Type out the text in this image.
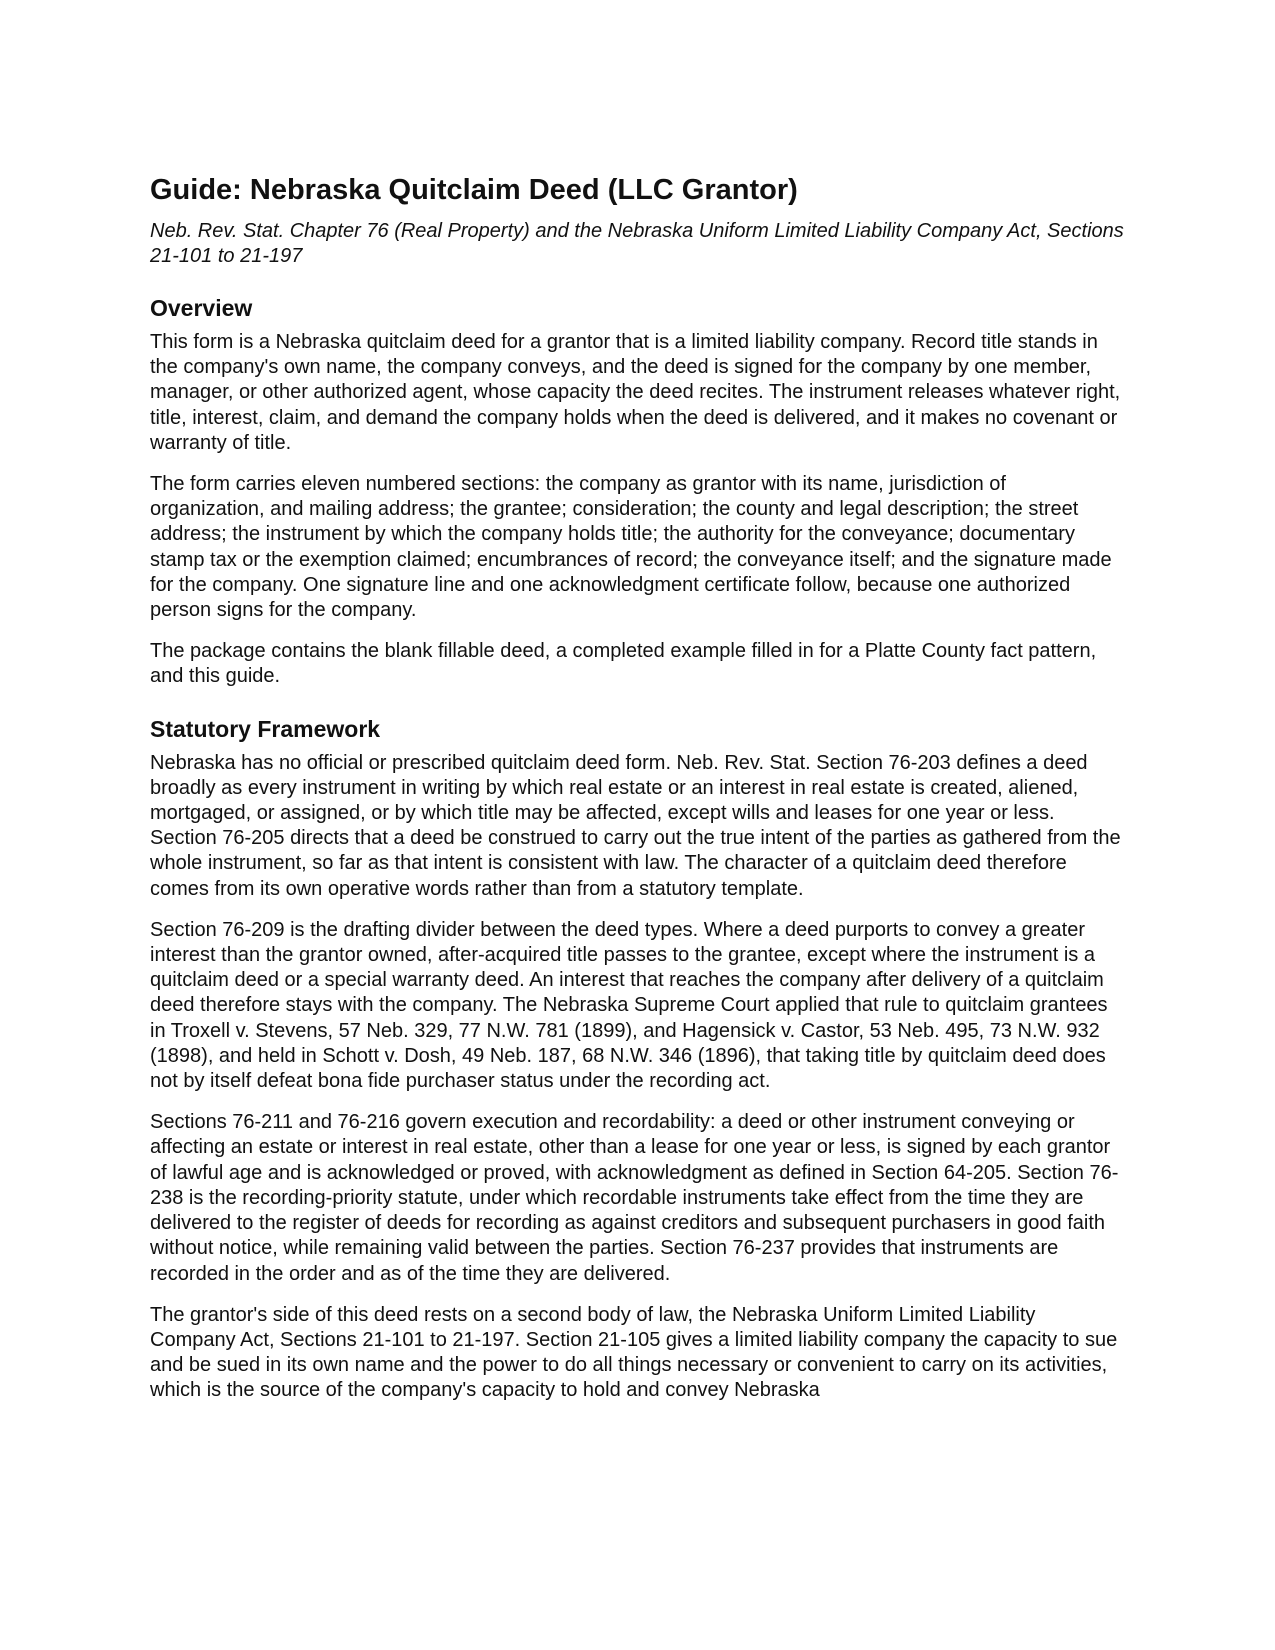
Guide: Nebraska Quitclaim Deed (LLC Grantor)
Neb. Rev. Stat. Chapter 76 (Real Property) and the Nebraska Uniform Limited Liability Company Act, Sections 21-101 to 21-197
Overview

This form is a Nebraska quitclaim deed for a grantor that is a limited liability company. Record title stands in the company's own name, the company conveys, and the deed is signed for the company by one member, manager, or other authorized agent, whose capacity the deed recites. The instrument releases whatever right, title, interest, claim, and demand the company holds when the deed is delivered, and it makes no covenant or warranty of title.

The form carries eleven numbered sections: the company as grantor with its name, jurisdiction of organization, and mailing address; the grantee; consideration; the county and legal description; the street address; the instrument by which the company holds title; the authority for the conveyance; documentary stamp tax or the exemption claimed; encumbrances of record; the conveyance itself; and the signature made for the company. One signature line and one acknowledgment certificate follow, because one authorized person signs for the company.

The package contains the blank fillable deed, a completed example filled in for a Platte County fact pattern, and this guide.

Statutory Framework

Nebraska has no official or prescribed quitclaim deed form. Neb. Rev. Stat. Section 76-203 defines a deed broadly as every instrument in writing by which real estate or an interest in real estate is created, aliened, mortgaged, or assigned, or by which title may be affected, except wills and leases for one year or less. Section 76-205 directs that a deed be construed to carry out the true intent of the parties as gathered from the whole instrument, so far as that intent is consistent with law. The character of a quitclaim deed therefore comes from its own operative words rather than from a statutory template.

Section 76-209 is the drafting divider between the deed types. Where a deed purports to convey a greater interest than the grantor owned, after-acquired title passes to the grantee, except where the instrument is a quitclaim deed or a special warranty deed. An interest that reaches the company after delivery of a quitclaim deed therefore stays with the company. The Nebraska Supreme Court applied that rule to quitclaim grantees in Troxell v. Stevens, 57 Neb. 329, 77 N.W. 781 (1899), and Hagensick v. Castor, 53 Neb. 495, 73 N.W. 932 (1898), and held in Schott v. Dosh, 49 Neb. 187, 68 N.W. 346 (1896), that taking title by quitclaim deed does not by itself defeat bona fide purchaser status under the recording act.

Sections 76-211 and 76-216 govern execution and recordability: a deed or other instrument conveying or affecting an estate or interest in real estate, other than a lease for one year or less, is signed by each grantor of lawful age and is acknowledged or proved, with acknowledgment as defined in Section 64-205. Section 76-238 is the recording-priority statute, under which recordable instruments take effect from the time they are delivered to the register of deeds for recording as against creditors and subsequent purchasers in good faith without notice, while remaining valid between the parties. Section 76-237 provides that instruments are recorded in the order and as of the time they are delivered.

The grantor's side of this deed rests on a second body of law, the Nebraska Uniform Limited Liability Company Act, Sections 21-101 to 21-197. Section 21-105 gives a limited liability company the capacity to sue and be sued in its own name and the power to do all things necessary or convenient to carry on its activities, which is the source of the company's capacity to hold and convey Nebraska
